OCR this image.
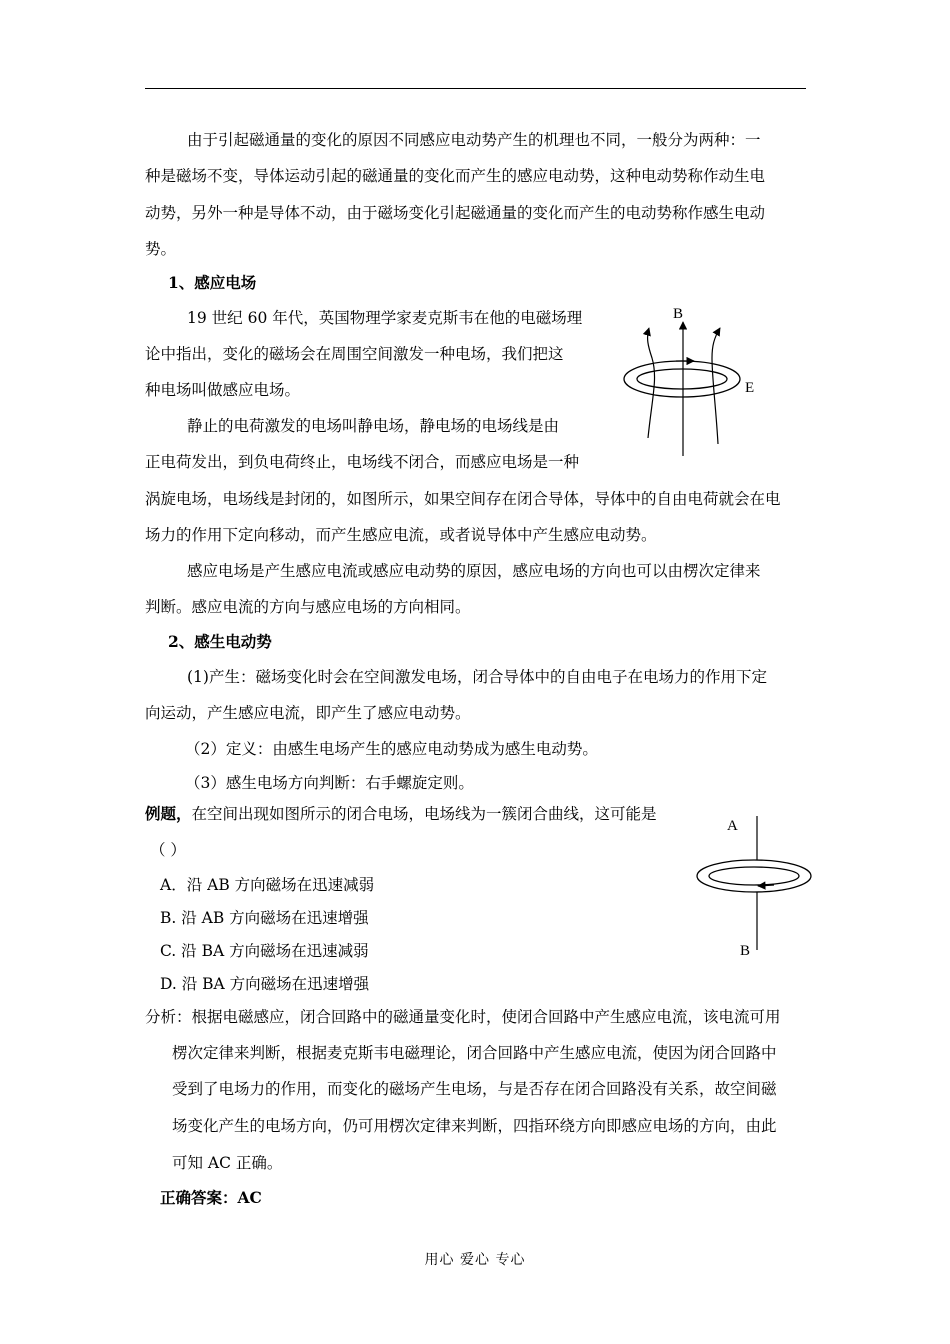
由于引起磁通量的变化的原因不同感应电动势产生的机理也不同，一般分为两种：一
种是磁场不变，导体运动引起的磁通量的变化而产生的感应电动势，这种电动势称作动生电
动势，另外一种是导体不动，由于磁场变化引起磁通量的变化而产生的电动势称作感生电动
势。
1、感应电场
19 世纪 60 年代，英国物理学家麦克斯韦在他的电磁场理
论中指出，变化的磁场会在周围空间激发一种电场，我们把这
种电场叫做感应电场。
静止的电荷激发的电场叫静电场，静电场的电场线是由
正电荷发出，到负电荷终止，电场线不闭合，而感应电场是一种
涡旋电场，电场线是封闭的，如图所示，如果空间存在闭合导体，导体中的自由电荷就会在电
场力的作用下定向移动，而产生感应电流，或者说导体中产生感应电动势。
感应电场是产生感应电流或感应电动势的原因，感应电场的方向也可以由楞次定律来
判断。感应电流的方向与感应电场的方向相同。
B
E
2、感生电动势
(1)产生：磁场变化时会在空间激发电场，闭合导体中的自由电子在电场力的作用下定
向运动，产生感应电流，即产生了感应电动势。
（2）定义：由感生电场产生的感应电动势成为感生电动势。
（3）感生电场方向判断：右手螺旋定则。
例题，在空间出现如图所示的闭合电场，电场线为一簇闭合曲线，这可能是
（ ）
A．沿 AB 方向磁场在迅速减弱
B. 沿 AB 方向磁场在迅速增强
C. 沿 BA 方向磁场在迅速减弱
D. 沿 BA 方向磁场在迅速增强
A
B
分析：根据电磁感应，闭合回路中的磁通量变化时，使闭合回路中产生感应电流，该电流可用
楞次定律来判断，根据麦克斯韦电磁理论，闭合回路中产生感应电流，使因为闭合回路中
受到了电场力的作用，而变化的磁场产生电场，与是否存在闭合回路没有关系，故空间磁
场变化产生的电场方向，仍可用楞次定律来判断，四指环绕方向即感应电场的方向，由此
可知 AC 正确。
正确答案：AC
用心 爱心 专心
